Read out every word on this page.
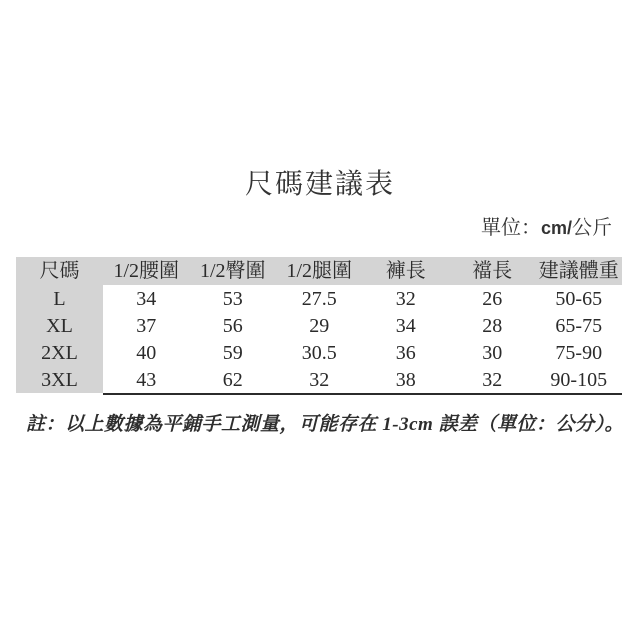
尺碼建議表
單位：cm/公斤
尺碼	1/2腰圍	1/2臀圍	1/2腿圍	褲長	襠長	建議體重
L	34	53	27.5	32	26	50-65
XL	37	56	29	34	28	65-75
2XL	40	59	30.5	36	30	75-90
3XL	43	62	32	38	32	90-105
註：以上數據為平鋪手工測量，可能存在 1-3cm 誤差（單位：公分）。
